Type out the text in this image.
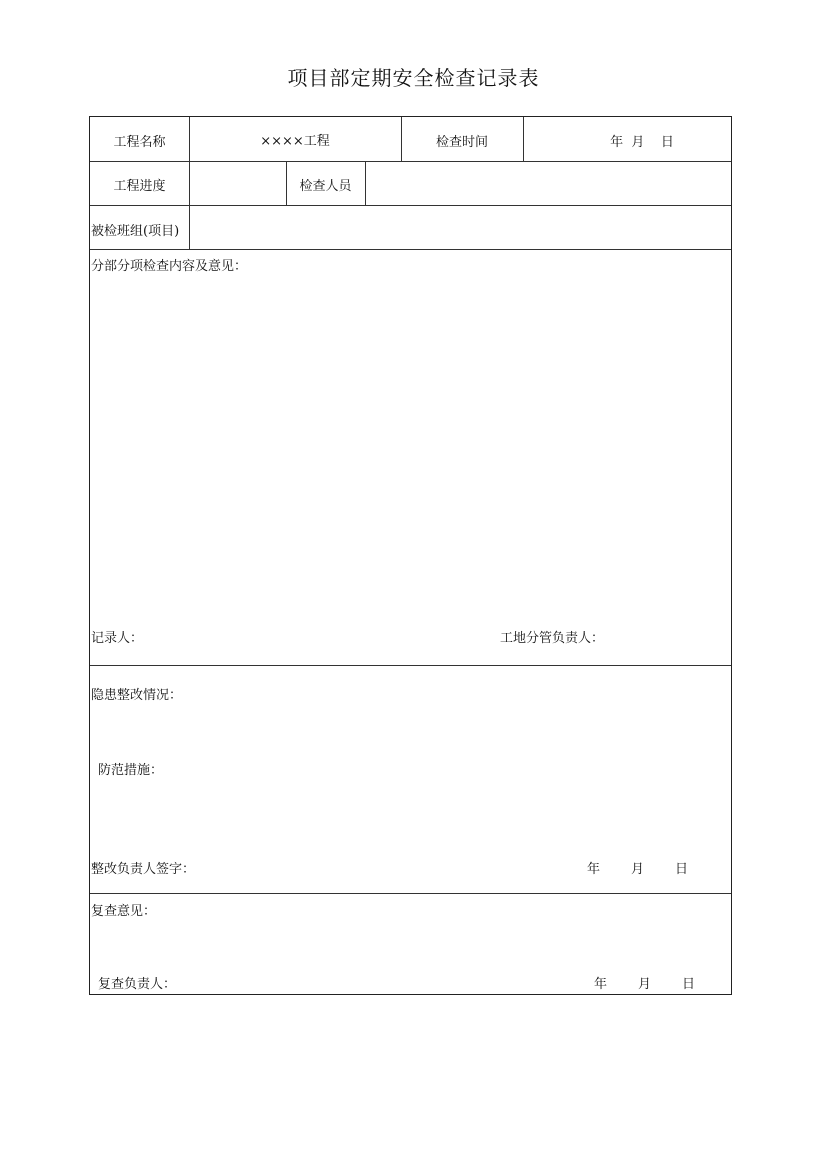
项目部定期安全检查记录表
工程名称	××××工程	检查时间	年  月    日
工程进度	检查人员
被检班组(项目)
分部分项检查内容及意见：
记录人：	工地分管负责人：
隐患整改情况：
防范措施：
整改负责人签字：	年 月 日
复查意见：
复查负责人：	年 月 日
